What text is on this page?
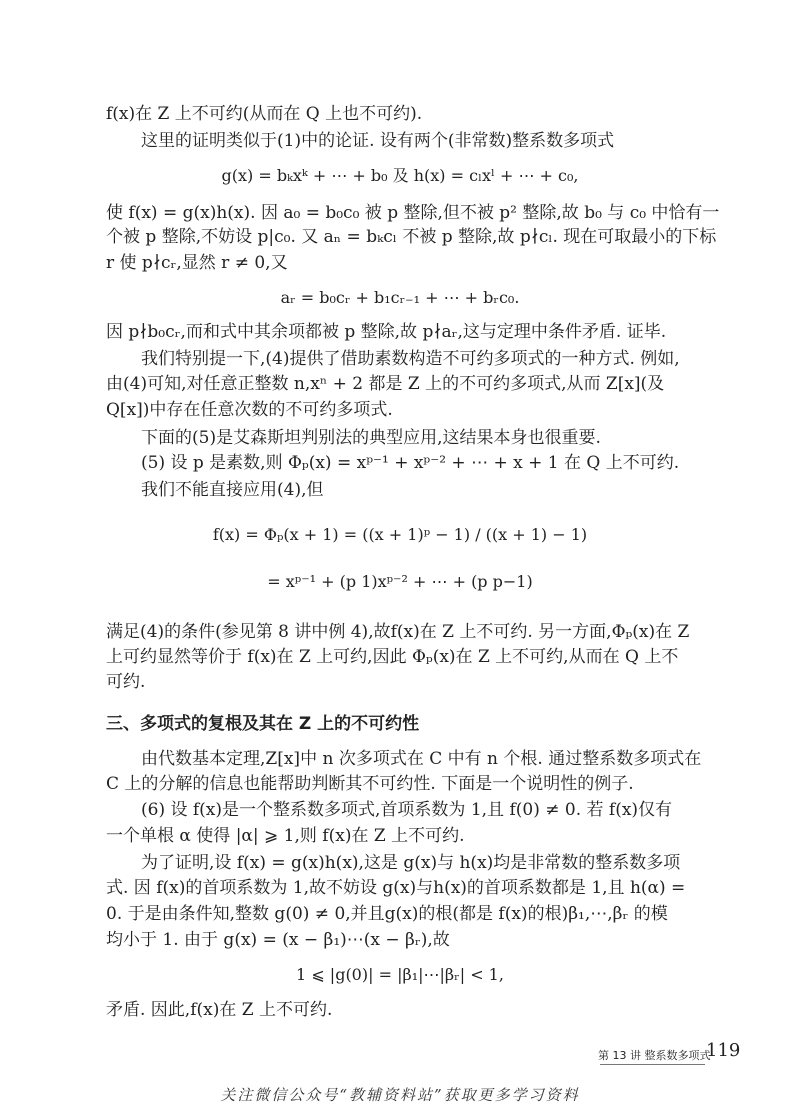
f(x)在 Z 上不可约(从而在 Q 上也不可约).
这里的证明类似于(1)中的论证. 设有两个(非常数)整系数多项式
g(x) = bₖxᵏ + ⋯ + b₀ 及 h(x) = cₗxˡ + ⋯ + c₀,
使 f(x) = g(x)h(x). 因 a₀ = b₀c₀ 被 p 整除,但不被 p² 整除,故 b₀ 与 c₀ 中恰有一
个被 p 整除,不妨设 p|c₀. 又 aₙ = bₖcₗ 不被 p 整除,故 p∤cₗ. 现在可取最小的下标
r 使 p∤cᵣ,显然 r ≠ 0,又
aᵣ = b₀cᵣ + b₁cᵣ₋₁ + ⋯ + bᵣc₀.
因 p∤b₀cᵣ,而和式中其余项都被 p 整除,故 p∤aᵣ,这与定理中条件矛盾. 证毕.
我们特别提一下,(4)提供了借助素数构造不可约多项式的一种方式. 例如,
由(4)可知,对任意正整数 n,xⁿ + 2 都是 Z 上的不可约多项式,从而 Z[x](及
Q[x])中存在任意次数的不可约多项式.
下面的(5)是艾森斯坦判别法的典型应用,这结果本身也很重要.
(5) 设 p 是素数,则 Φₚ(x) = xᵖ⁻¹ + xᵖ⁻² + ⋯ + x + 1 在 Q 上不可约.
我们不能直接应用(4),但
f(x) = Φₚ(x + 1) = ((x + 1)ᵖ − 1) / ((x + 1) − 1)
= xᵖ⁻¹ + (p 1)xᵖ⁻² + ⋯ + (p p−1)
满足(4)的条件(参见第 8 讲中例 4),故f(x)在 Z 上不可约. 另一方面,Φₚ(x)在 Z
上可约显然等价于 f(x)在 Z 上可约,因此 Φₚ(x)在 Z 上不可约,从而在 Q 上不
可约.
三、多项式的复根及其在 Z 上的不可约性
由代数基本定理,Z[x]中 n 次多项式在 C 中有 n 个根. 通过整系数多项式在
C 上的分解的信息也能帮助判断其不可约性. 下面是一个说明性的例子.
(6) 设 f(x)是一个整系数多项式,首项系数为 1,且 f(0) ≠ 0. 若 f(x)仅有
一个单根 α 使得 |α| ⩾ 1,则 f(x)在 Z 上不可约.
为了证明,设 f(x) = g(x)h(x),这是 g(x)与 h(x)均是非常数的整系数多项
式. 因 f(x)的首项系数为 1,故不妨设 g(x)与h(x)的首项系数都是 1,且 h(α) =
0. 于是由条件知,整数 g(0) ≠ 0,并且g(x)的根(都是 f(x)的根)β₁,⋯,βᵣ 的模
均小于 1. 由于 g(x) = (x − β₁)⋯(x − βᵣ),故
1 ⩽ |g(0)| = |β₁|⋯|βᵣ| < 1,
矛盾. 因此,f(x)在 Z 上不可约.
第 13 讲 整系数多项式
119
关注微信公众号“教辅资料站”获取更多学习资料
